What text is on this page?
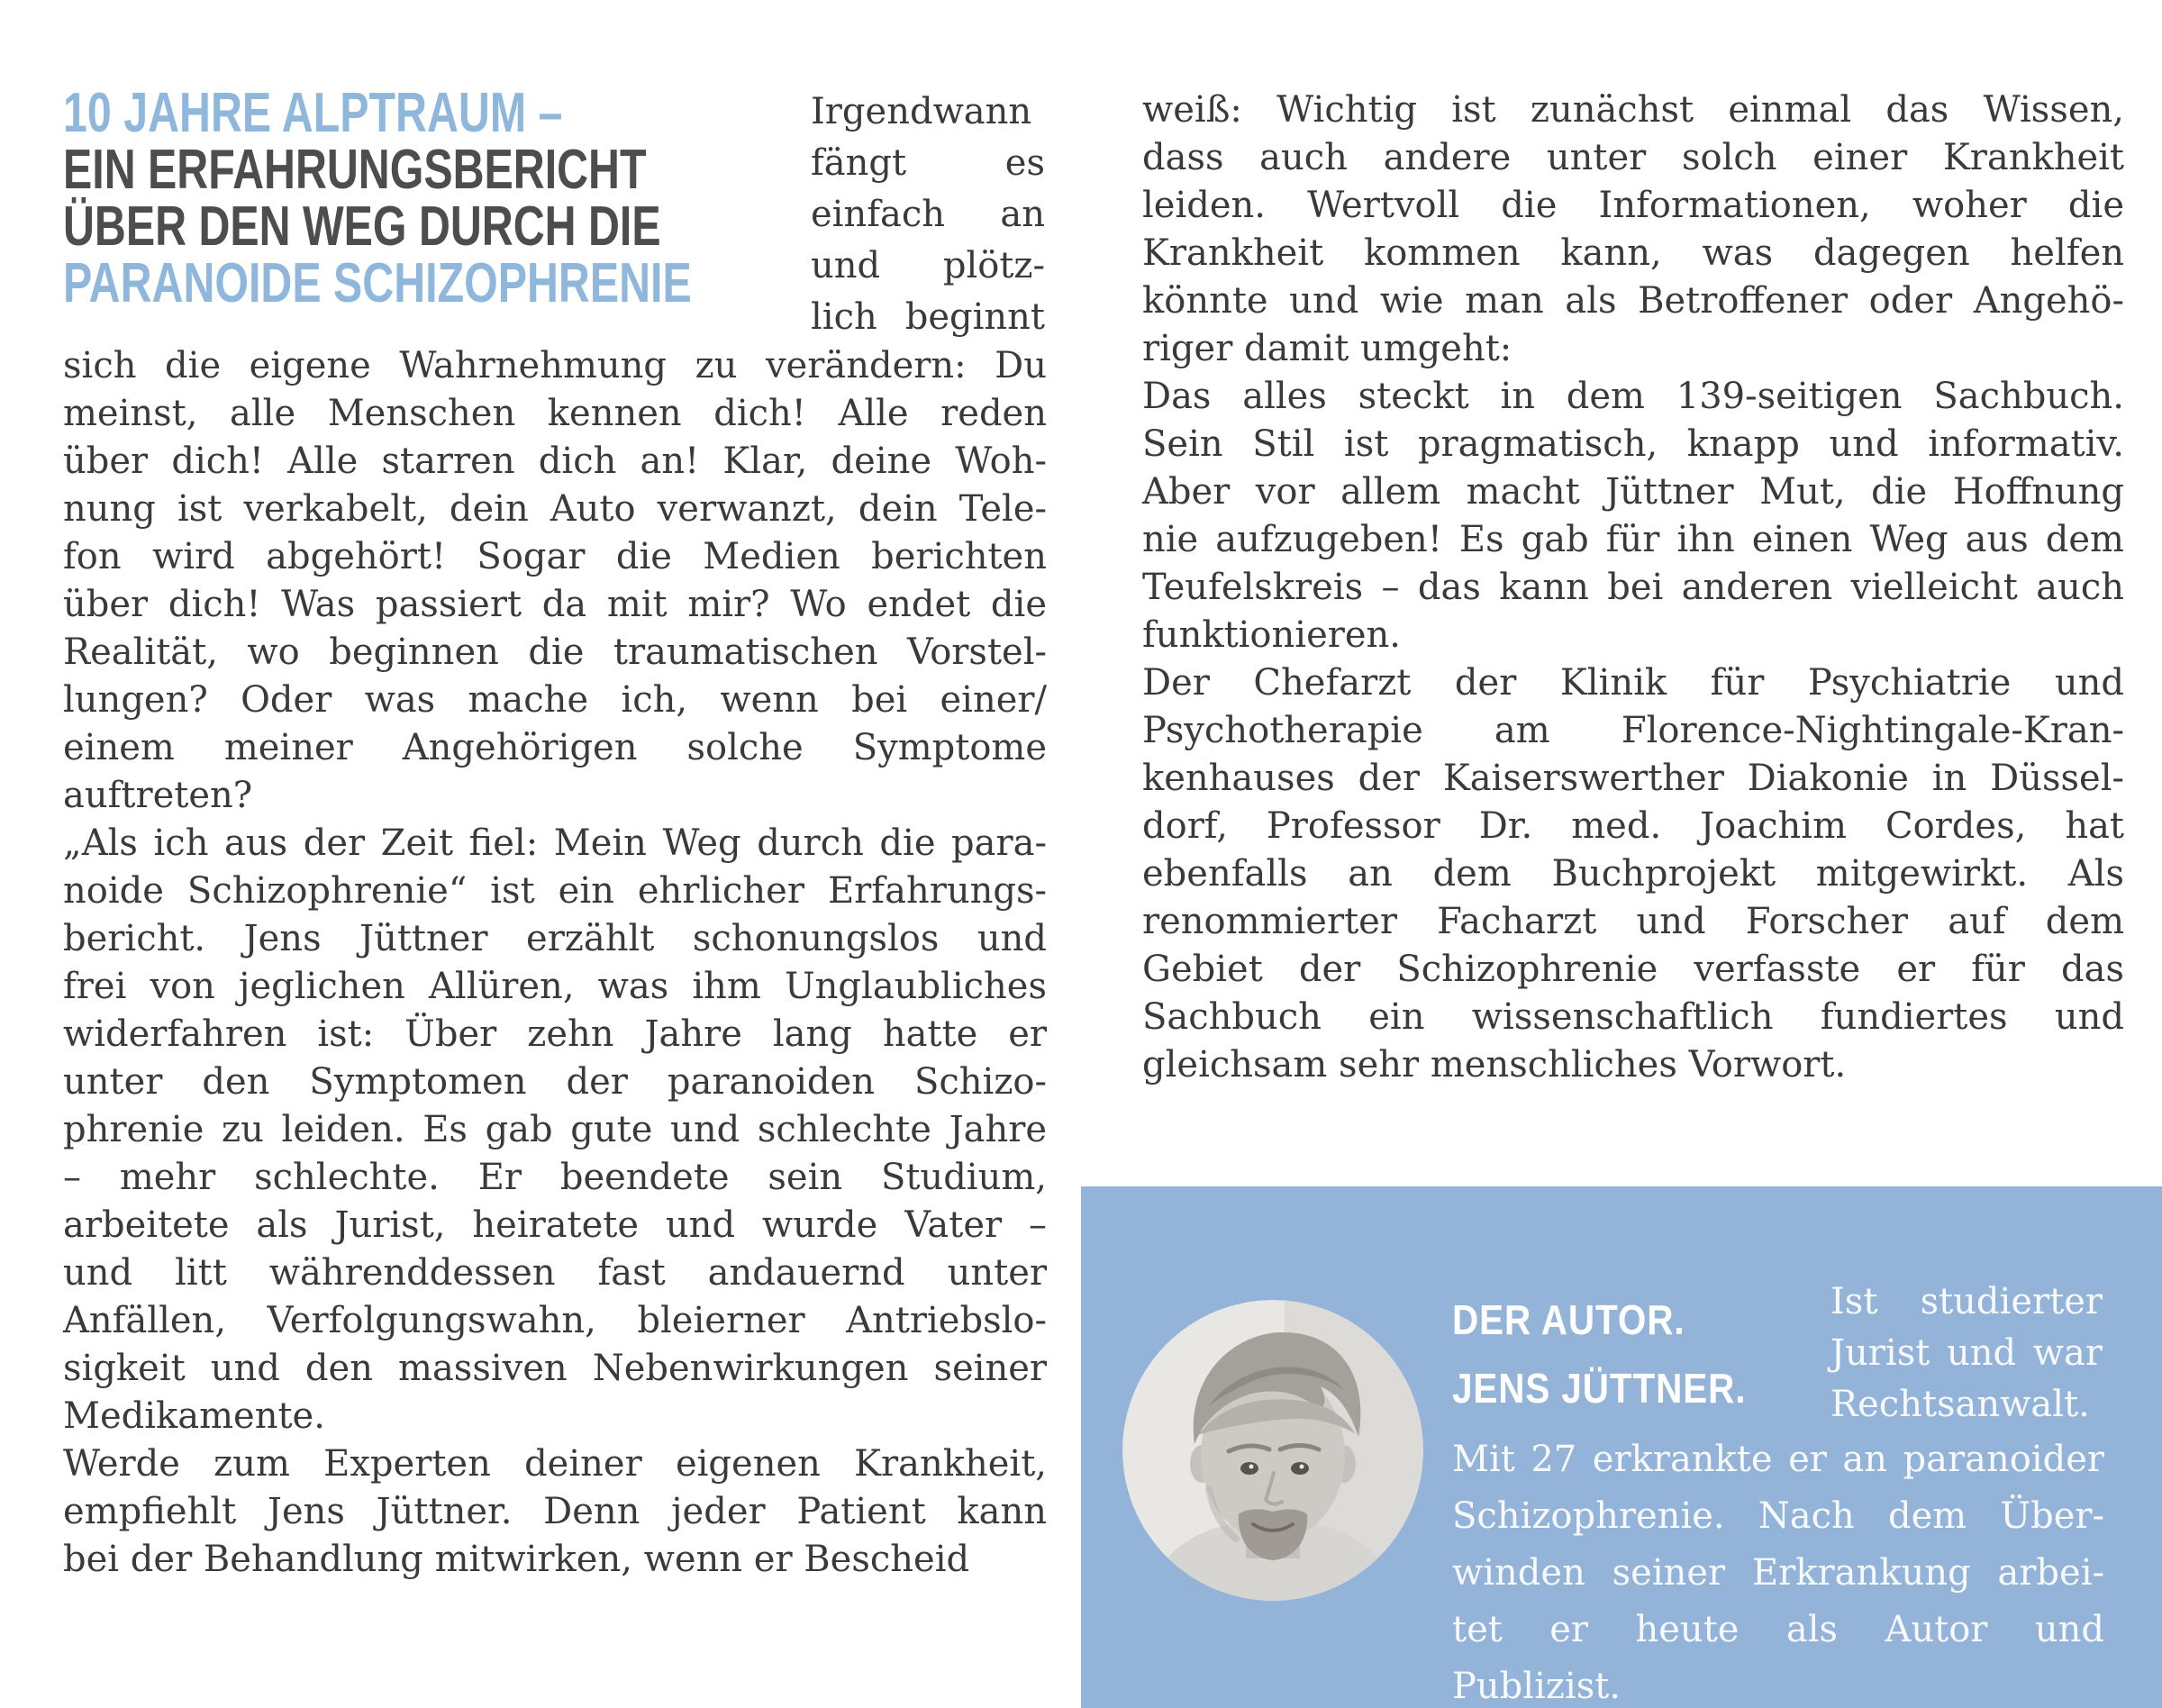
10 JAHRE ALPTRAUM –
EIN ERFAHRUNGSBERICHT
ÜBER DEN WEG DURCH DIE
PARANOIDE SCHIZOPHRENIE
Irgendwann
fängt es
einfach an
und plötz-
lich beginnt
sich die eigene Wahrnehmung zu verändern: Du
meinst, alle Menschen kennen dich! Alle reden
über dich! Alle starren dich an! Klar, deine Woh-
nung ist verkabelt, dein Auto verwanzt, dein Tele-
fon wird abgehört! Sogar die Medien berichten
über dich! Was passiert da mit mir? Wo endet die
Realität, wo beginnen die traumatischen Vorstel-
lungen? Oder was mache ich, wenn bei einer/
einem meiner Angehörigen solche Symptome
auftreten?
„Als ich aus der Zeit fiel: Mein Weg durch die para-
noide Schizophrenie“ ist ein ehrlicher Erfahrungs-
bericht. Jens Jüttner erzählt schonungslos und
frei von jeglichen Allüren, was ihm Unglaubliches
widerfahren ist: Über zehn Jahre lang hatte er
unter den Symptomen der paranoiden Schizo-
phrenie zu leiden. Es gab gute und schlechte Jahre
– mehr schlechte. Er beendete sein Studium,
arbeitete als Jurist, heiratete und wurde Vater –
und litt währenddessen fast andauernd unter
Anfällen, Verfolgungswahn, bleierner Antriebslo-
sigkeit und den massiven Nebenwirkungen seiner
Medikamente.
Werde zum Experten deiner eigenen Krankheit,
empfiehlt Jens Jüttner. Denn jeder Patient kann
bei der Behandlung mitwirken, wenn er Bescheid
weiß: Wichtig ist zunächst einmal das Wissen,
dass auch andere unter solch einer Krankheit
leiden. Wertvoll die Informationen, woher die
Krankheit kommen kann, was dagegen helfen
könnte und wie man als Betroffener oder Angehö-
riger damit umgeht:
Das alles steckt in dem 139-seitigen Sachbuch.
Sein Stil ist pragmatisch, knapp und informativ.
Aber vor allem macht Jüttner Mut, die Hoffnung
nie aufzugeben! Es gab für ihn einen Weg aus dem
Teufelskreis – das kann bei anderen vielleicht auch
funktionieren.
Der Chefarzt der Klinik für Psychiatrie und
Psychotherapie am Florence-Nightingale-Kran-
kenhauses der Kaiserswerther Diakonie in Düssel-
dorf, Professor Dr. med. Joachim Cordes, hat
ebenfalls an dem Buchprojekt mitgewirkt. Als
renommierter Facharzt und Forscher auf dem
Gebiet der Schizophrenie verfasste er für das
Sachbuch ein wissenschaftlich fundiertes und
gleichsam sehr menschliches Vorwort.
DER AUTOR.
JENS JÜTTNER.
Ist studierter
Jurist und war
Rechtsanwalt.
Mit 27 erkrankte er an paranoider
Schizophrenie. Nach dem Über-
winden seiner Erkrankung arbei-
tet er heute als Autor und Publizist.
